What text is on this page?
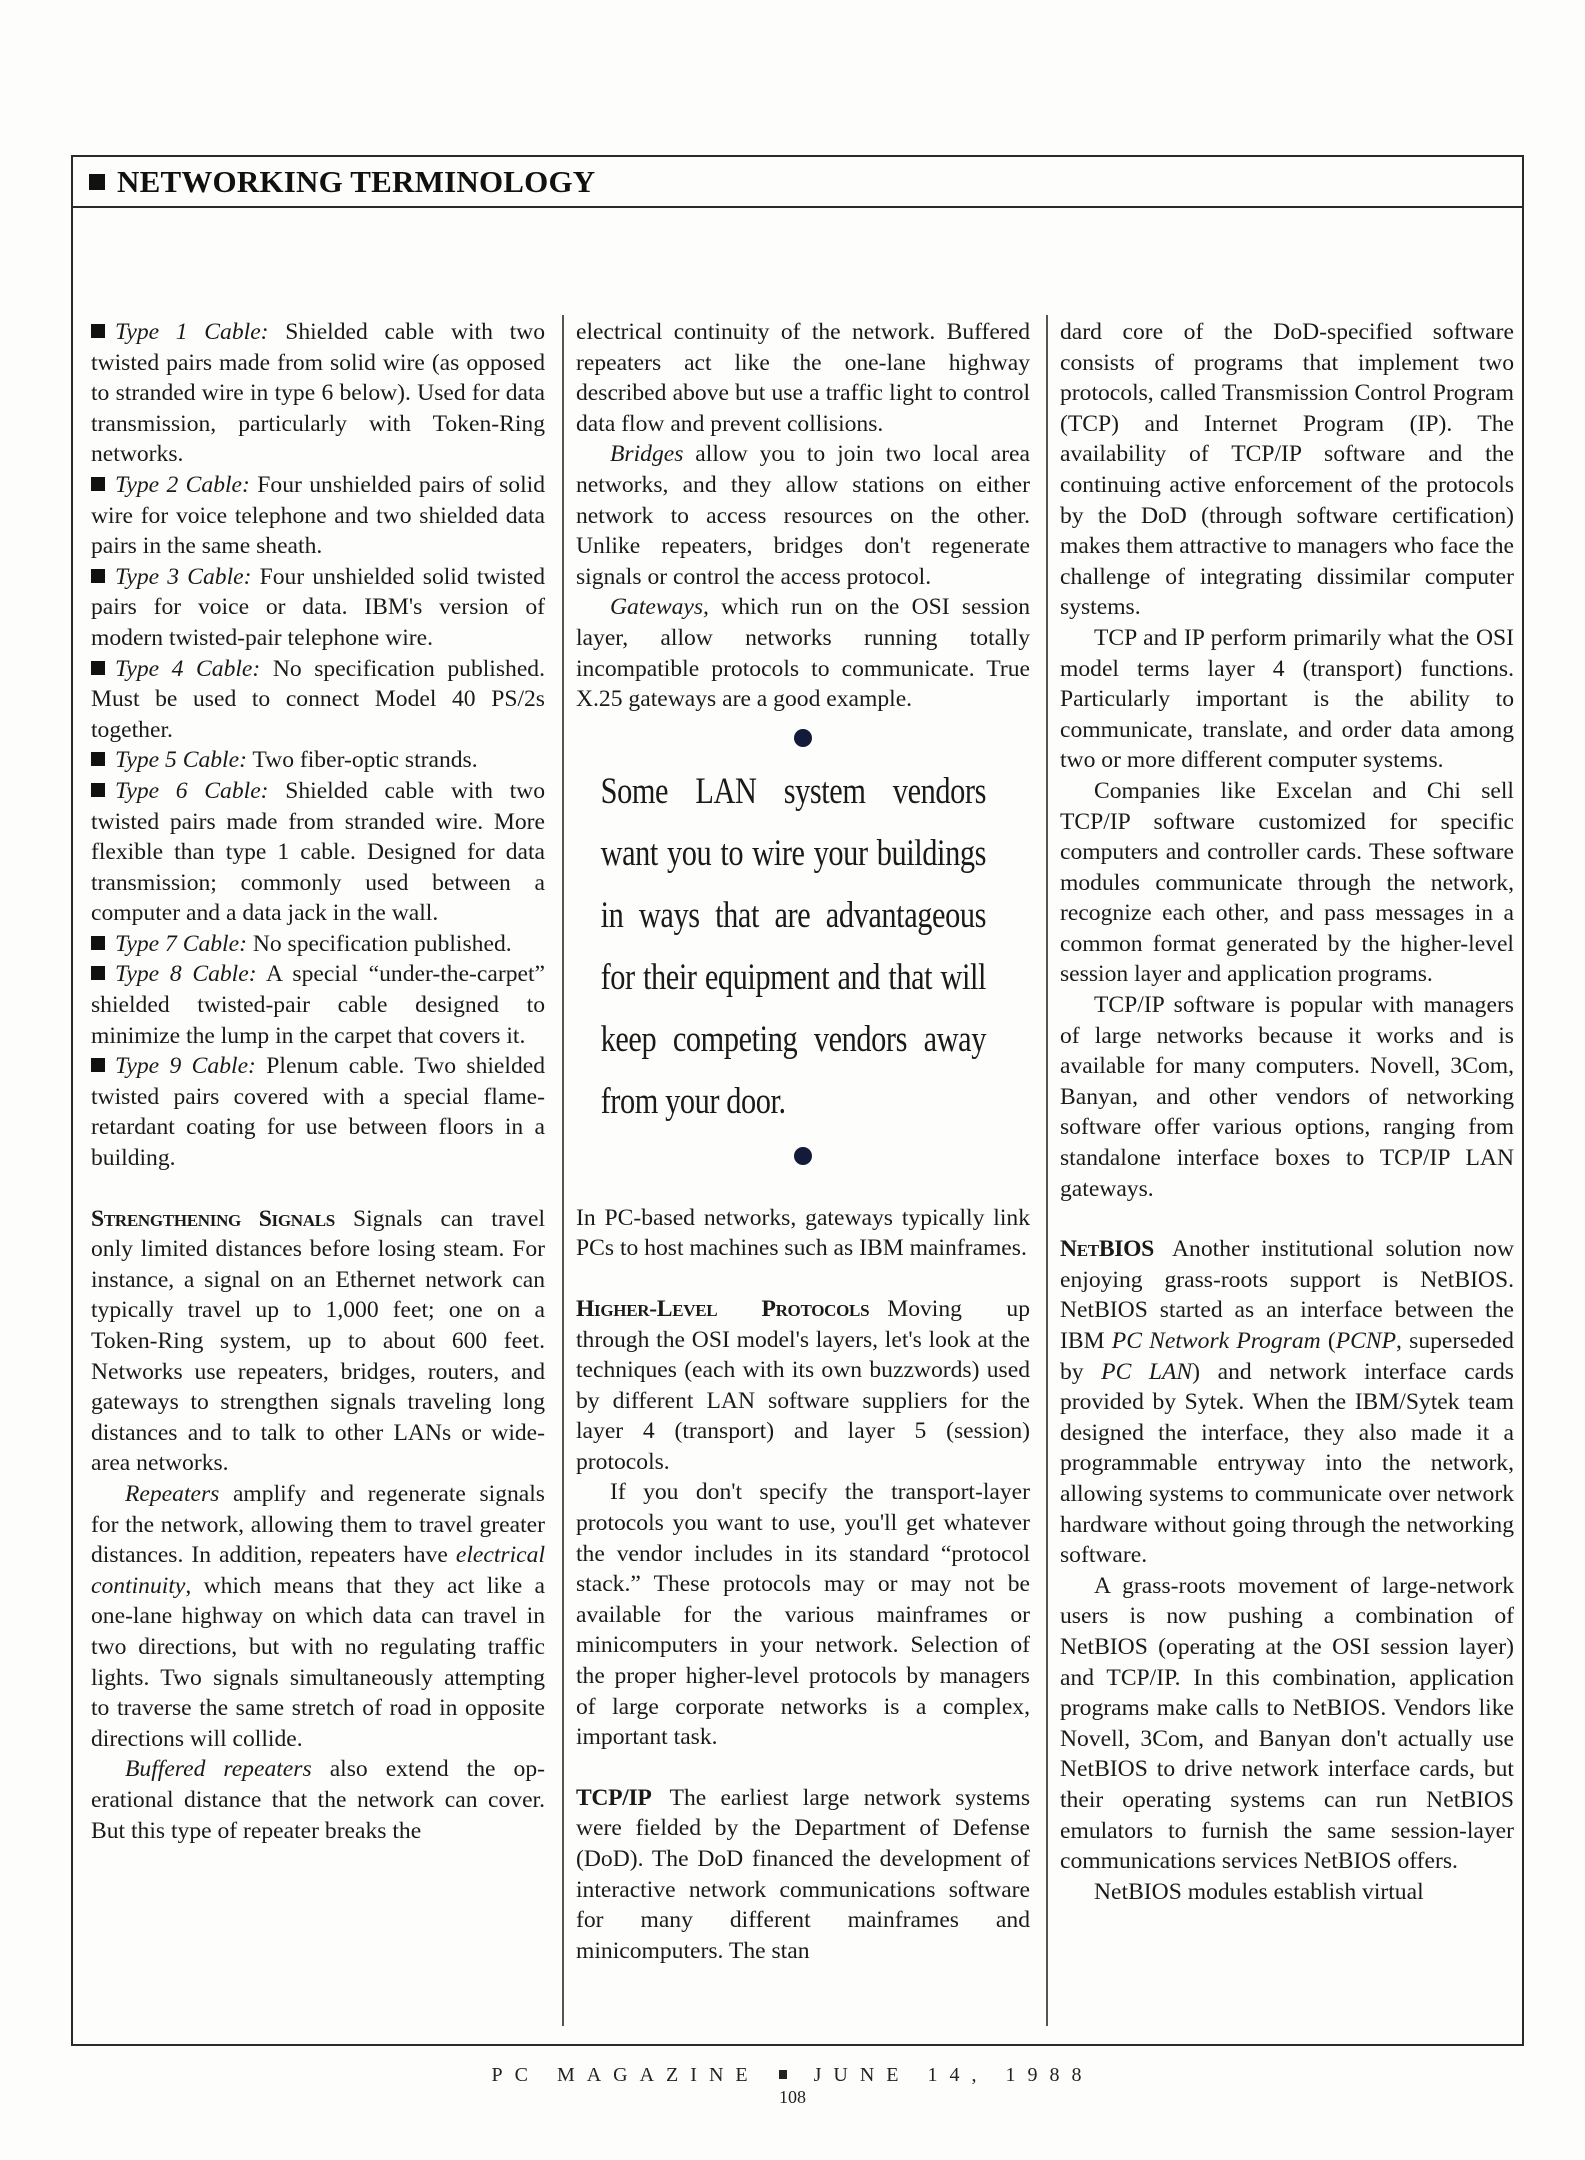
NETWORKING TERMINOLOGY

Type 1 Cable: Shielded cable with two twisted pairs made from solid wire (as opposed to stranded wire in type 6 below). Used for data transmission, particularly with Token-Ring networks.

Type 2 Cable: Four unshielded pairs of solid wire for voice telephone and two shielded data pairs in the same sheath.

Type 3 Cable: Four unshielded solid twisted pairs for voice or data. IBM's version of modern twisted-pair telephone wire.

Type 4 Cable: No specification published. Must be used to connect Model 40 PS/2s together.

Type 5 Cable: Two fiber-optic strands.

Type 6 Cable: Shielded cable with two twisted pairs made from stranded wire. More flexible than type 1 cable. Designed for data transmission; commonly used between a computer and a data jack in the wall.

Type 7 Cable: No specification published.

Type 8 Cable: A special “under-the-carpet” shielded twisted-pair cable designed to minimize the lump in the carpet that covers it.

Type 9 Cable: Plenum cable. Two shielded twisted pairs covered with a special flame-retardant coating for use between floors in a building.

Strengthening Signals Signals can travel only limited distances before losing steam. For instance, a signal on an Ethernet network can typically travel up to 1,000 feet; one on a Token-Ring system, up to about 600 feet. Networks use repeaters, bridges, routers, and gateways to strengthen signals traveling long distances and to talk to other LANs or wide-area networks.

Repeaters amplify and regenerate signals for the network, allowing them to travel greater distances. In addition, repeaters have electrical continuity, which means that they act like a one-lane highway on which data can travel in two directions, but with no regulating traffic lights. Two signals simultaneously attempting to traverse the same stretch of road in opposite directions will collide.

Buffered repeaters also extend the operational distance that the network can cover. But this type of repeater breaks the

electrical continuity of the network. Buffered repeaters act like the one-lane highway described above but use a traffic light to control data flow and prevent collisions.

Bridges allow you to join two local area networks, and they allow stations on either network to access resources on the other. Unlike repeaters, bridges don't regenerate signals or control the access protocol.

Gateways, which run on the OSI session layer, allow networks running totally incompatible protocols to communicate. True X.25 gateways are a good example.

Some LAN system vendors want you to wire your buildings in ways that are advantageous for their equipment and that will keep competing vendors away from your door.

In PC-based networks, gateways typically link PCs to host machines such as IBM mainframes.

Higher-Level Protocols Moving up through the OSI model's layers, let's look at the techniques (each with its own buzzwords) used by different LAN software suppliers for the layer 4 (transport) and layer 5 (session) protocols.

If you don't specify the transport-layer protocols you want to use, you'll get whatever the vendor includes in its standard “protocol stack.” These protocols may or may not be available for the various mainframes or minicomputers in your network. Selection of the proper higher-level protocols by managers of large corporate networks is a complex, important task.

TCP/IP The earliest large network systems were fielded by the Department of Defense (DoD). The DoD financed the development of interactive network communications software for many different mainframes and minicomputers. The stan

dard core of the DoD-specified software consists of programs that implement two protocols, called Transmission Control Program (TCP) and Internet Program (IP). The availability of TCP/IP software and the continuing active enforcement of the protocols by the DoD (through software certification) makes them attractive to managers who face the challenge of integrating dissimilar computer systems.

TCP and IP perform primarily what the OSI model terms layer 4 (transport) functions. Particularly important is the ability to communicate, translate, and order data among two or more different computer systems.

Companies like Excelan and Chi sell TCP/IP software customized for specific computers and controller cards. These software modules communicate through the network, recognize each other, and pass messages in a common format generated by the higher-level session layer and application programs.

TCP/IP software is popular with managers of large networks because it works and is available for many computers. Novell, 3Com, Banyan, and other vendors of networking software offer various options, ranging from standalone interface boxes to TCP/IP LAN gateways.

NetBIOS Another institutional solution now enjoying grass-roots support is NetBIOS. NetBIOS started as an interface between the IBM PC Network Program (PCNP, superseded by PC LAN) and network interface cards provided by Sytek. When the IBM/Sytek team designed the interface, they also made it a programmable entryway into the network, allowing systems to communicate over network hardware without going through the networking software.

A grass-roots movement of large-network users is now pushing a combination of NetBIOS (operating at the OSI session layer) and TCP/IP. In this combination, application programs make calls to NetBIOS. Vendors like Novell, 3Com, and Banyan don't actually use NetBIOS to drive network interface cards, but their operating systems can run NetBIOS emulators to furnish the same session-layer communications services NetBIOS offers.

NetBIOS modules establish virtual

PC MAGAZINE	JUNE 14, 1988
108
